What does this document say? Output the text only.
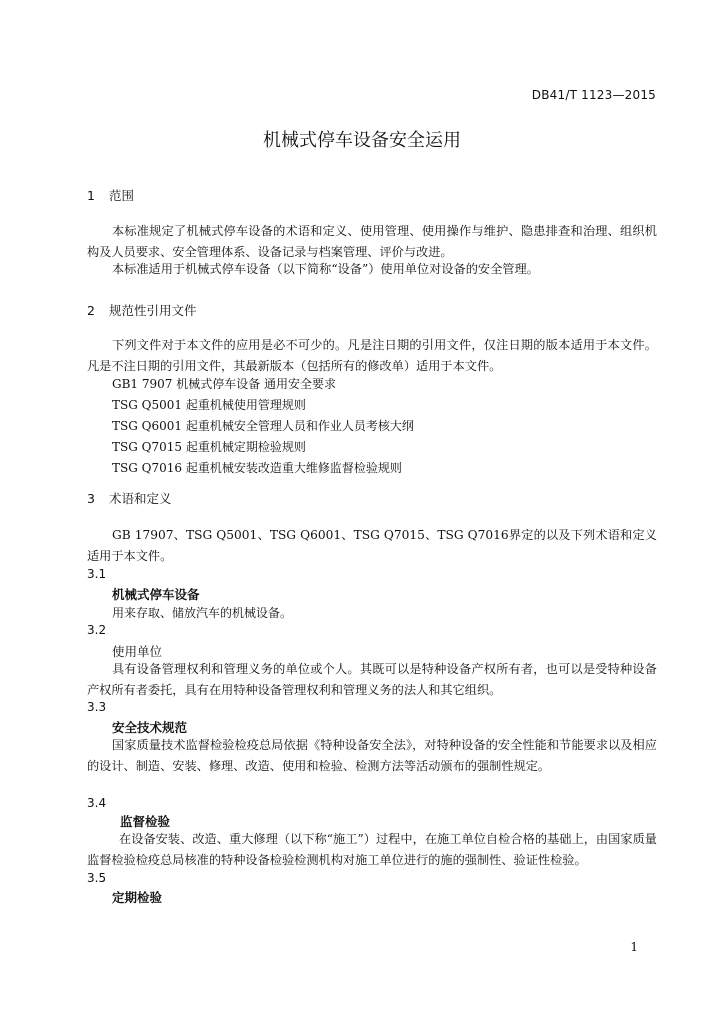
DB41/T 1123—2015
机械式停车设备安全运用
1 范围
本标准规定了机械式停车设备的术语和定义、使用管理、使用操作与维护、隐患排查和治理、组织机构及人员要求、安全管理体系、设备记录与档案管理、评价与改进。
本标准适用于机械式停车设备（以下简称“设备”）使用单位对设备的安全管理。
2 规范性引用文件
下列文件对于本文件的应用是必不可少的。凡是注日期的引用文件，仅注日期的版本适用于本文件。凡是不注日期的引用文件，其最新版本（包括所有的修改单）适用于本文件。
GB1 7907 机械式停车设备 通用安全要求
TSG Q5001 起重机械使用管理规则
TSG Q6001 起重机械安全管理人员和作业人员考核大纲
TSG Q7015 起重机械定期检验规则
TSG Q7016 起重机械安装改造重大维修监督检验规则
3 术语和定义
GB 17907、TSG Q5001、TSG Q6001、TSG Q7015、TSG Q7016界定的以及下列术语和定义适用于本文件。
3.1
机械式停车设备
用来存取、储放汽车的机械设备。
3.2
使用单位
具有设备管理权利和管理义务的单位或个人。其既可以是特种设备产权所有者，也可以是受特种设备产权所有者委托，具有在用特种设备管理权利和管理义务的法人和其它组织。
3.3
安全技术规范
国家质量技术监督检验检疫总局依据《特种设备安全法》，对特种设备的安全性能和节能要求以及相应的设计、制造、安装、修理、改造、使用和检验、检测方法等活动颁布的强制性规定。
3.4
监督检验
在设备安装、改造、重大修理（以下称“施工”）过程中，在施工单位自检合格的基础上，由国家质量监督检验检疫总局核准的特种设备检验检测机构对施工单位进行的施的强制性、验证性检验。
3.5
定期检验
1
